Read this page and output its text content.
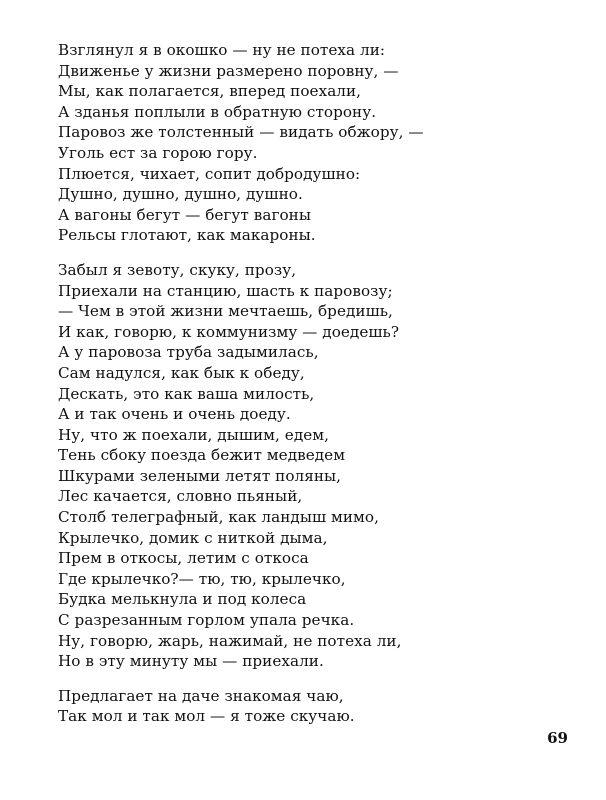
Взглянул я в окошко — ну не потеха ли:
Движенье у жизни размерено поровну, —
Мы, как полагается, вперед поехали,
А зданья поплыли в обратную сторону.
Паровоз же толстенный — видать обжору, —
Уголь ест за горою гору.
Плюется, чихает, сопит добродушно:
Душно, душно, душно, душно.
А вагоны бегут — бегут вагоны
Рельсы глотают, как макароны.
Забыл я зевоту, скуку, прозу,
Приехали на станцию, шасть к паровозу;
— Чем в этой жизни мечтаешь, бредишь,
И как, говорю, к коммунизму — доедешь?
А у паровоза труба задымилась,
Сам надулся, как бык к обеду,
Дескать, это как ваша милость,
А и так очень и очень доеду.
Ну, что ж поехали, дышим, едем,
Тень сбоку поезда бежит медведем
Шкурами зелеными летят поляны,
Лес качается, словно пьяный,
Столб телеграфный, как ландыш мимо,
Крылечко, домик с ниткой дыма,
Прем в откосы, летим с откоса
Где крылечко?— тю, тю, крылечко,
Будка мелькнула и под колеса
С разрезанным горлом упала речка.
Ну, говорю, жарь, нажимай, не потеха ли,
Но в эту минуту мы — приехали.
Предлагает на даче знакомая чаю,
Так мол и так мол — я тоже скучаю.
69
